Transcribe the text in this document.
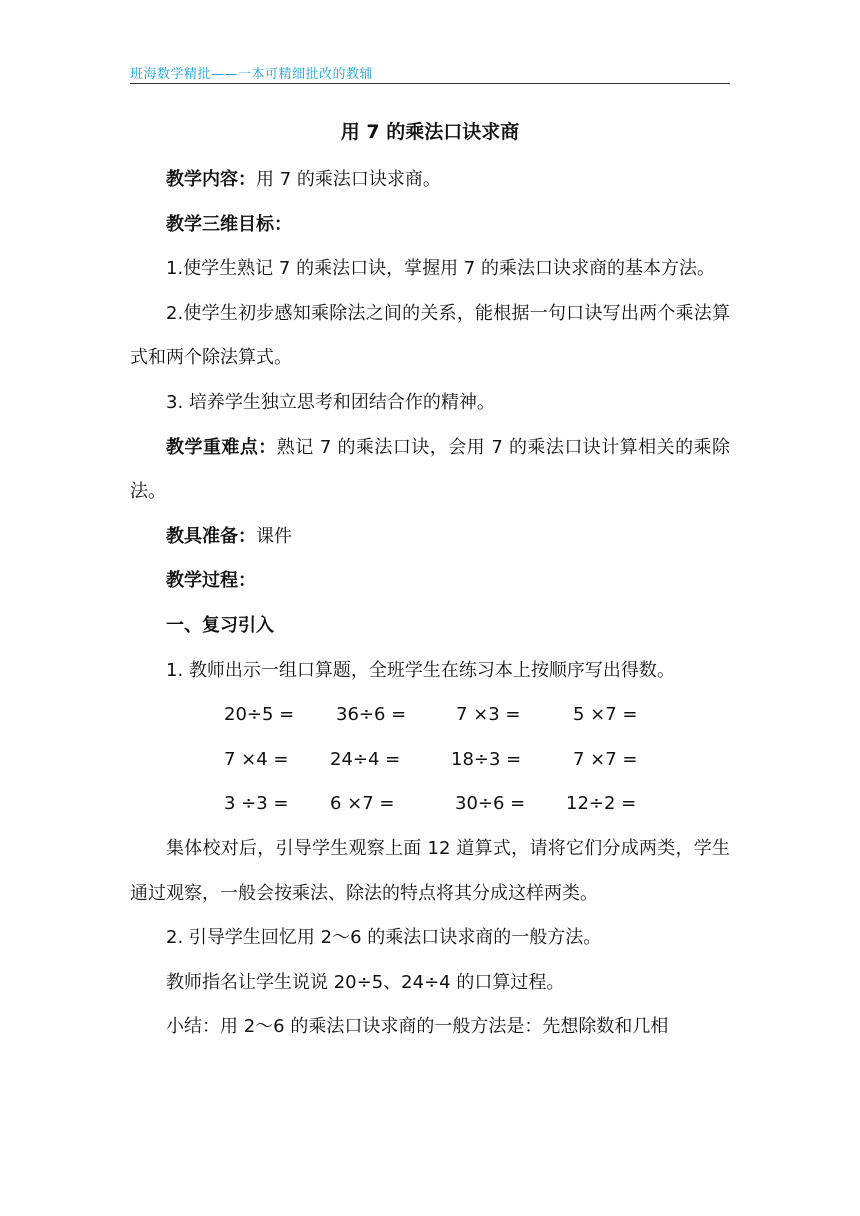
班海数学精批——一本可精细批改的教辅
用 7 的乘法口诀求商

教学内容：用 7 的乘法口诀求商。

教学三维目标：

1.使学生熟记 7 的乘法口诀，掌握用 7 的乘法口诀求商的基本方法。

2.使学生初步感知乘除法之间的关系，能根据一句口诀写出两个乘法算式和两个除法算式。

3. 培养学生独立思考和团结合作的精神。

教学重难点：熟记 7 的乘法口诀，会用 7 的乘法口诀计算相关的乘除法。

教具准备：课件

教学过程：

一、复习引入

1. 教师出示一组口算题，全班学生在练习本上按顺序写出得数。

20÷5 = 36÷6 =	7 ×3 =	5 ×7 =
7 ×4 = 24÷4 =	18÷3 =	7 ×7 =
3 ÷3 = 6 ×7 =	30÷6 = 12÷2 =

集体校对后，引导学生观察上面 12 道算式，请将它们分成两类，学生通过观察，一般会按乘法、除法的特点将其分成这样两类。

2. 引导学生回忆用 2～6 的乘法口诀求商的一般方法。

教师指名让学生说说 20÷5、24÷4 的口算过程。

小结：用 2～6 的乘法口诀求商的一般方法是：先想除数和几相
